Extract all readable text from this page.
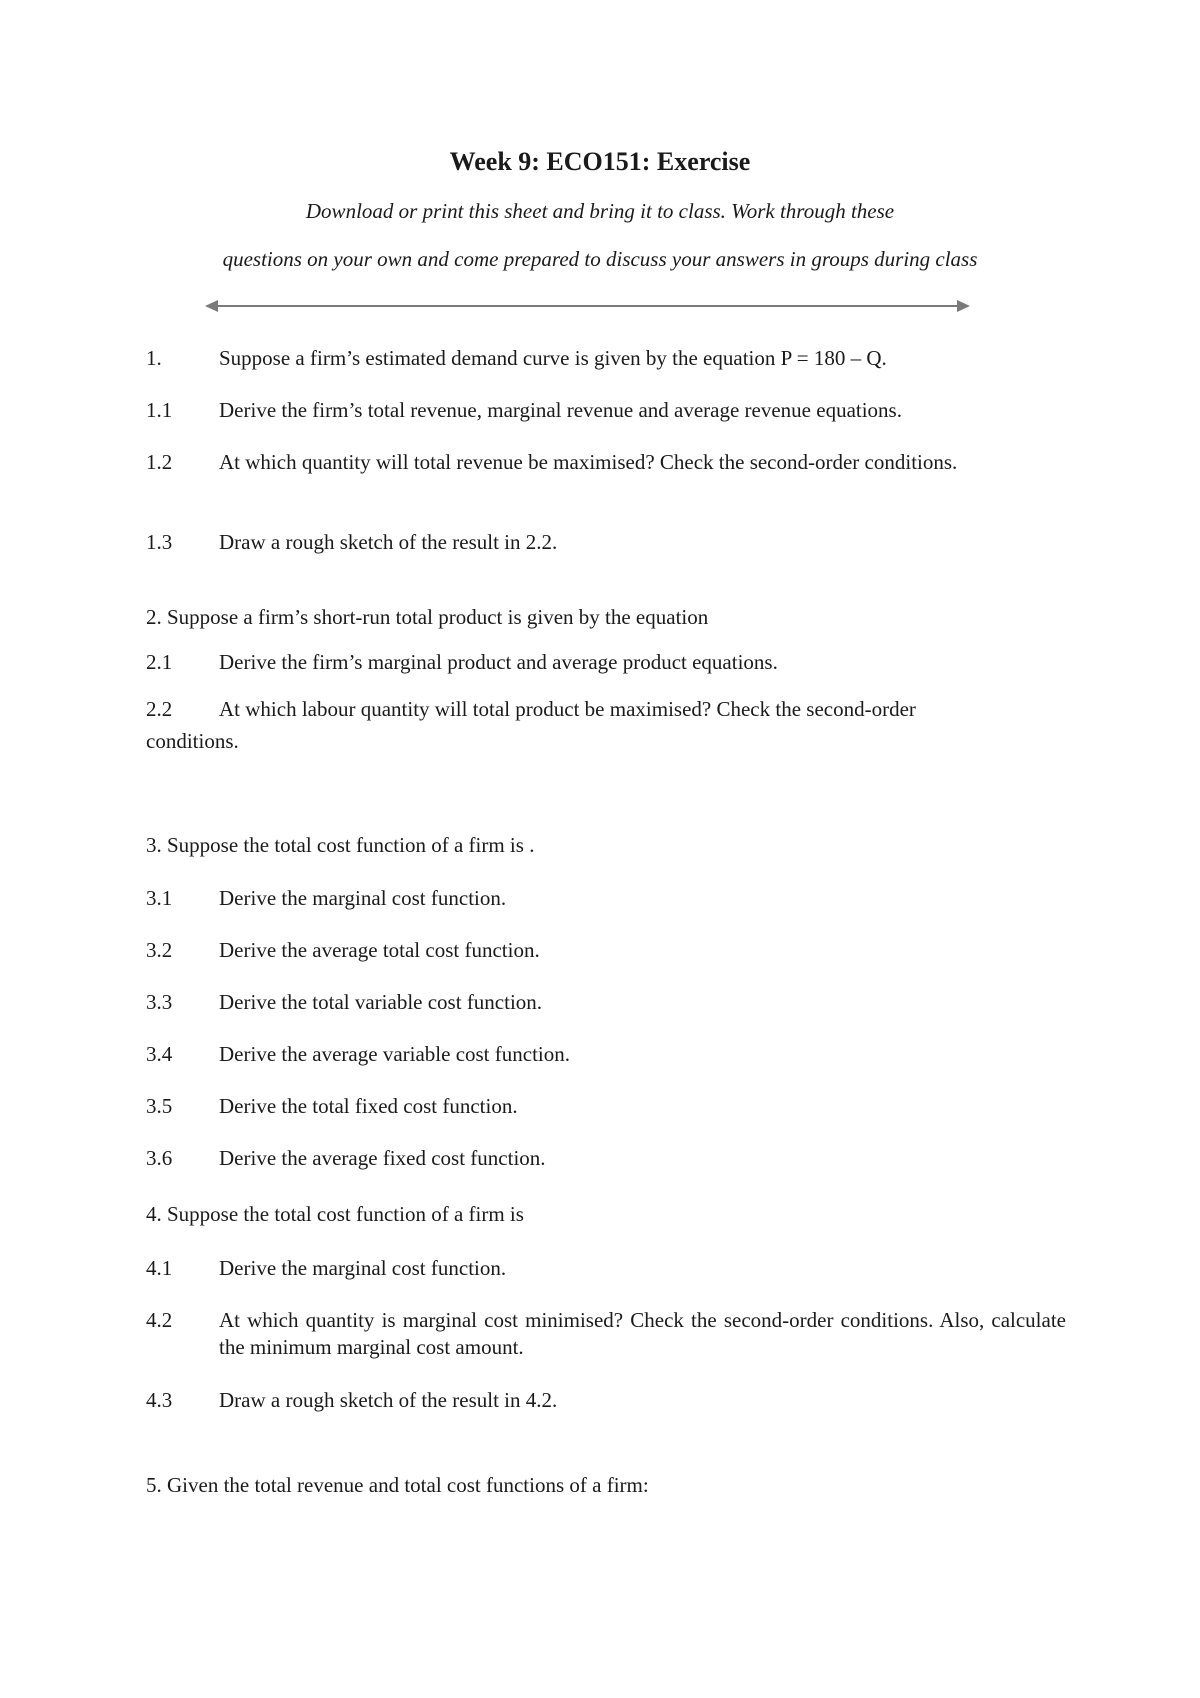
Week 9: ECO151: Exercise
Download or print this sheet and bring it to class. Work through these
questions on your own and come prepared to discuss your answers in groups during class
1.	Suppose a firm’s estimated demand curve is given by the equation P = 180 – Q.
1.1 Derive the firm’s total revenue, marginal revenue and average revenue equations.
1.2 At which quantity will total revenue be maximised? Check the second-order conditions.
1.3 Draw a rough sketch of the result in 2.2.
2. Suppose a firm’s short-run total product is given by the equation
2.1 Derive the firm’s marginal product and average product equations.
2.2 At which labour quantity will total product be maximised? Check the second-order
conditions.
3. Suppose the total cost function of a firm is .
3.1 Derive the marginal cost function.
3.2 Derive the average total cost function.
3.3 Derive the total variable cost function.
3.4 Derive the average variable cost function.
3.5 Derive the total fixed cost function.
3.6 Derive the average fixed cost function.
4. Suppose the total cost function of a firm is
4.1 Derive the marginal cost function.
4.2 At which quantity is marginal cost minimised? Check the second-order conditions. Also, calculate the minimum marginal cost amount.
4.3 Draw a rough sketch of the result in 4.2.
5. Given the total revenue and total cost functions of a firm:
